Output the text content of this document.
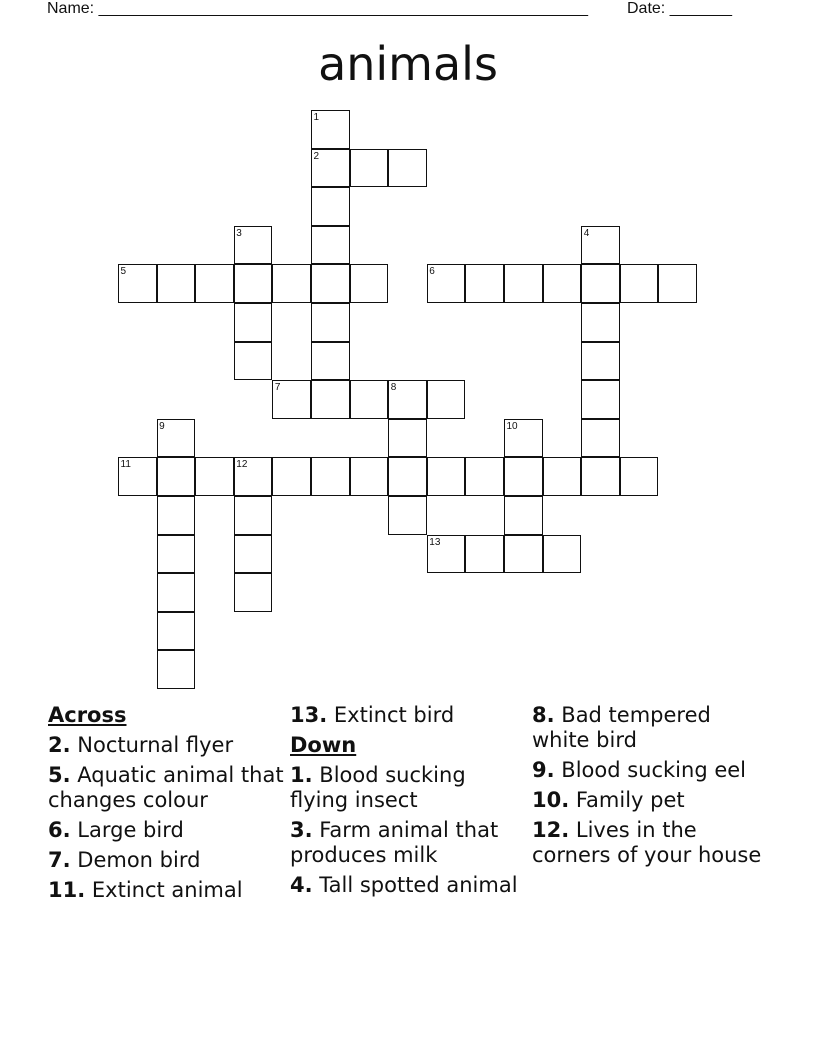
Name: _______________________________________________________ Date: _______
animals
1
2
3	4
5	6
7	8
9	10
11	12
13
Across
2. Nocturnal flyer
5. Aquatic animal that changes colour
6. Large bird
7. Demon bird
11. Extinct animal
13. Extinct bird
Down
1. Blood sucking flying insect
3. Farm animal that produces milk
4. Tall spotted animal
8. Bad tempered white bird
9. Blood sucking eel
10. Family pet
12. Lives in the corners of your house
